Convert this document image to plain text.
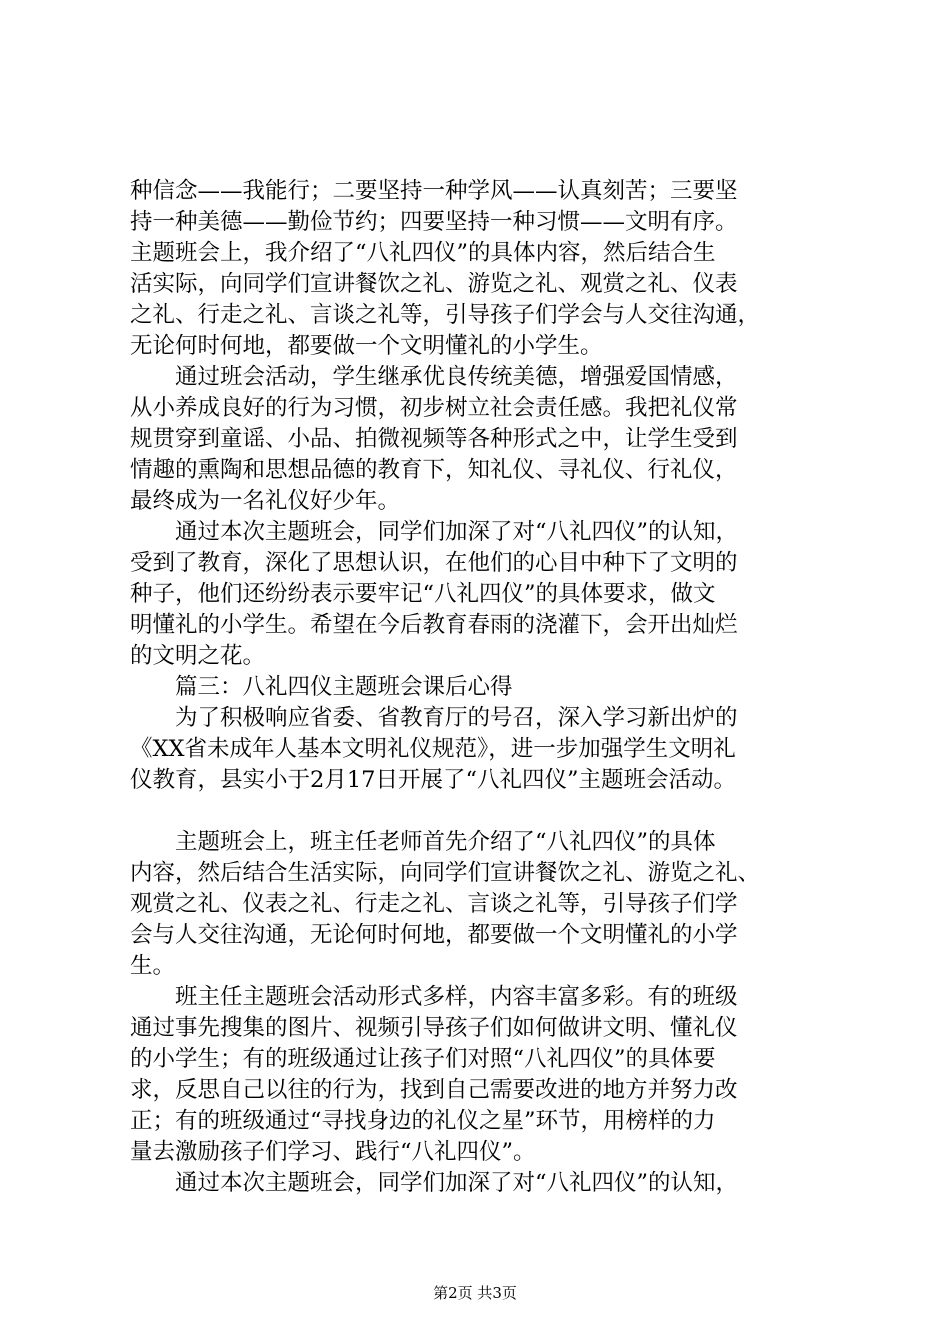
种信念——我能行；二要坚持一种学风——认真刻苦；三要坚
持一种美德——勤俭节约；四要坚持一种习惯——文明有序。
主题班会上，我介绍了“八礼四仪”的具体内容，然后结合生
活实际，向同学们宣讲餐饮之礼、游览之礼、观赏之礼、仪表
之礼、行走之礼、言谈之礼等，引导孩子们学会与人交往沟通，
无论何时何地，都要做一个文明懂礼的小学生。
通过班会活动，学生继承优良传统美德，增强爱国情感，
从小养成良好的行为习惯，初步树立社会责任感。我把礼仪常
规贯穿到童谣、小品、拍微视频等各种形式之中，让学生受到
情趣的熏陶和思想品德的教育下，知礼仪、寻礼仪、行礼仪，
最终成为一名礼仪好少年。
通过本次主题班会，同学们加深了对“八礼四仪”的认知，
受到了教育，深化了思想认识，在他们的心目中种下了文明的
种子，他们还纷纷表示要牢记“八礼四仪”的具体要求，做文
明懂礼的小学生。希望在今后教育春雨的浇灌下，会开出灿烂
的文明之花。
篇三：八礼四仪主题班会课后心得
为了积极响应省委、省教育厅的号召，深入学习新出炉的
《XX省未成年人基本文明礼仪规范》，进一步加强学生文明礼
仪教育，县实小于2月17日开展了“八礼四仪”主题班会活动。
主题班会上，班主任老师首先介绍了“八礼四仪”的具体
内容，然后结合生活实际，向同学们宣讲餐饮之礼、游览之礼、
观赏之礼、仪表之礼、行走之礼、言谈之礼等，引导孩子们学
会与人交往沟通，无论何时何地，都要做一个文明懂礼的小学
生。
班主任主题班会活动形式多样，内容丰富多彩。有的班级
通过事先搜集的图片、视频引导孩子们如何做讲文明、懂礼仪
的小学生；有的班级通过让孩子们对照“八礼四仪”的具体要
求，反思自己以往的行为，找到自己需要改进的地方并努力改
正；有的班级通过“寻找身边的礼仪之星”环节，用榜样的力
量去激励孩子们学习、践行“八礼四仪”。
通过本次主题班会，同学们加深了对“八礼四仪”的认知，
第2页 共3页
